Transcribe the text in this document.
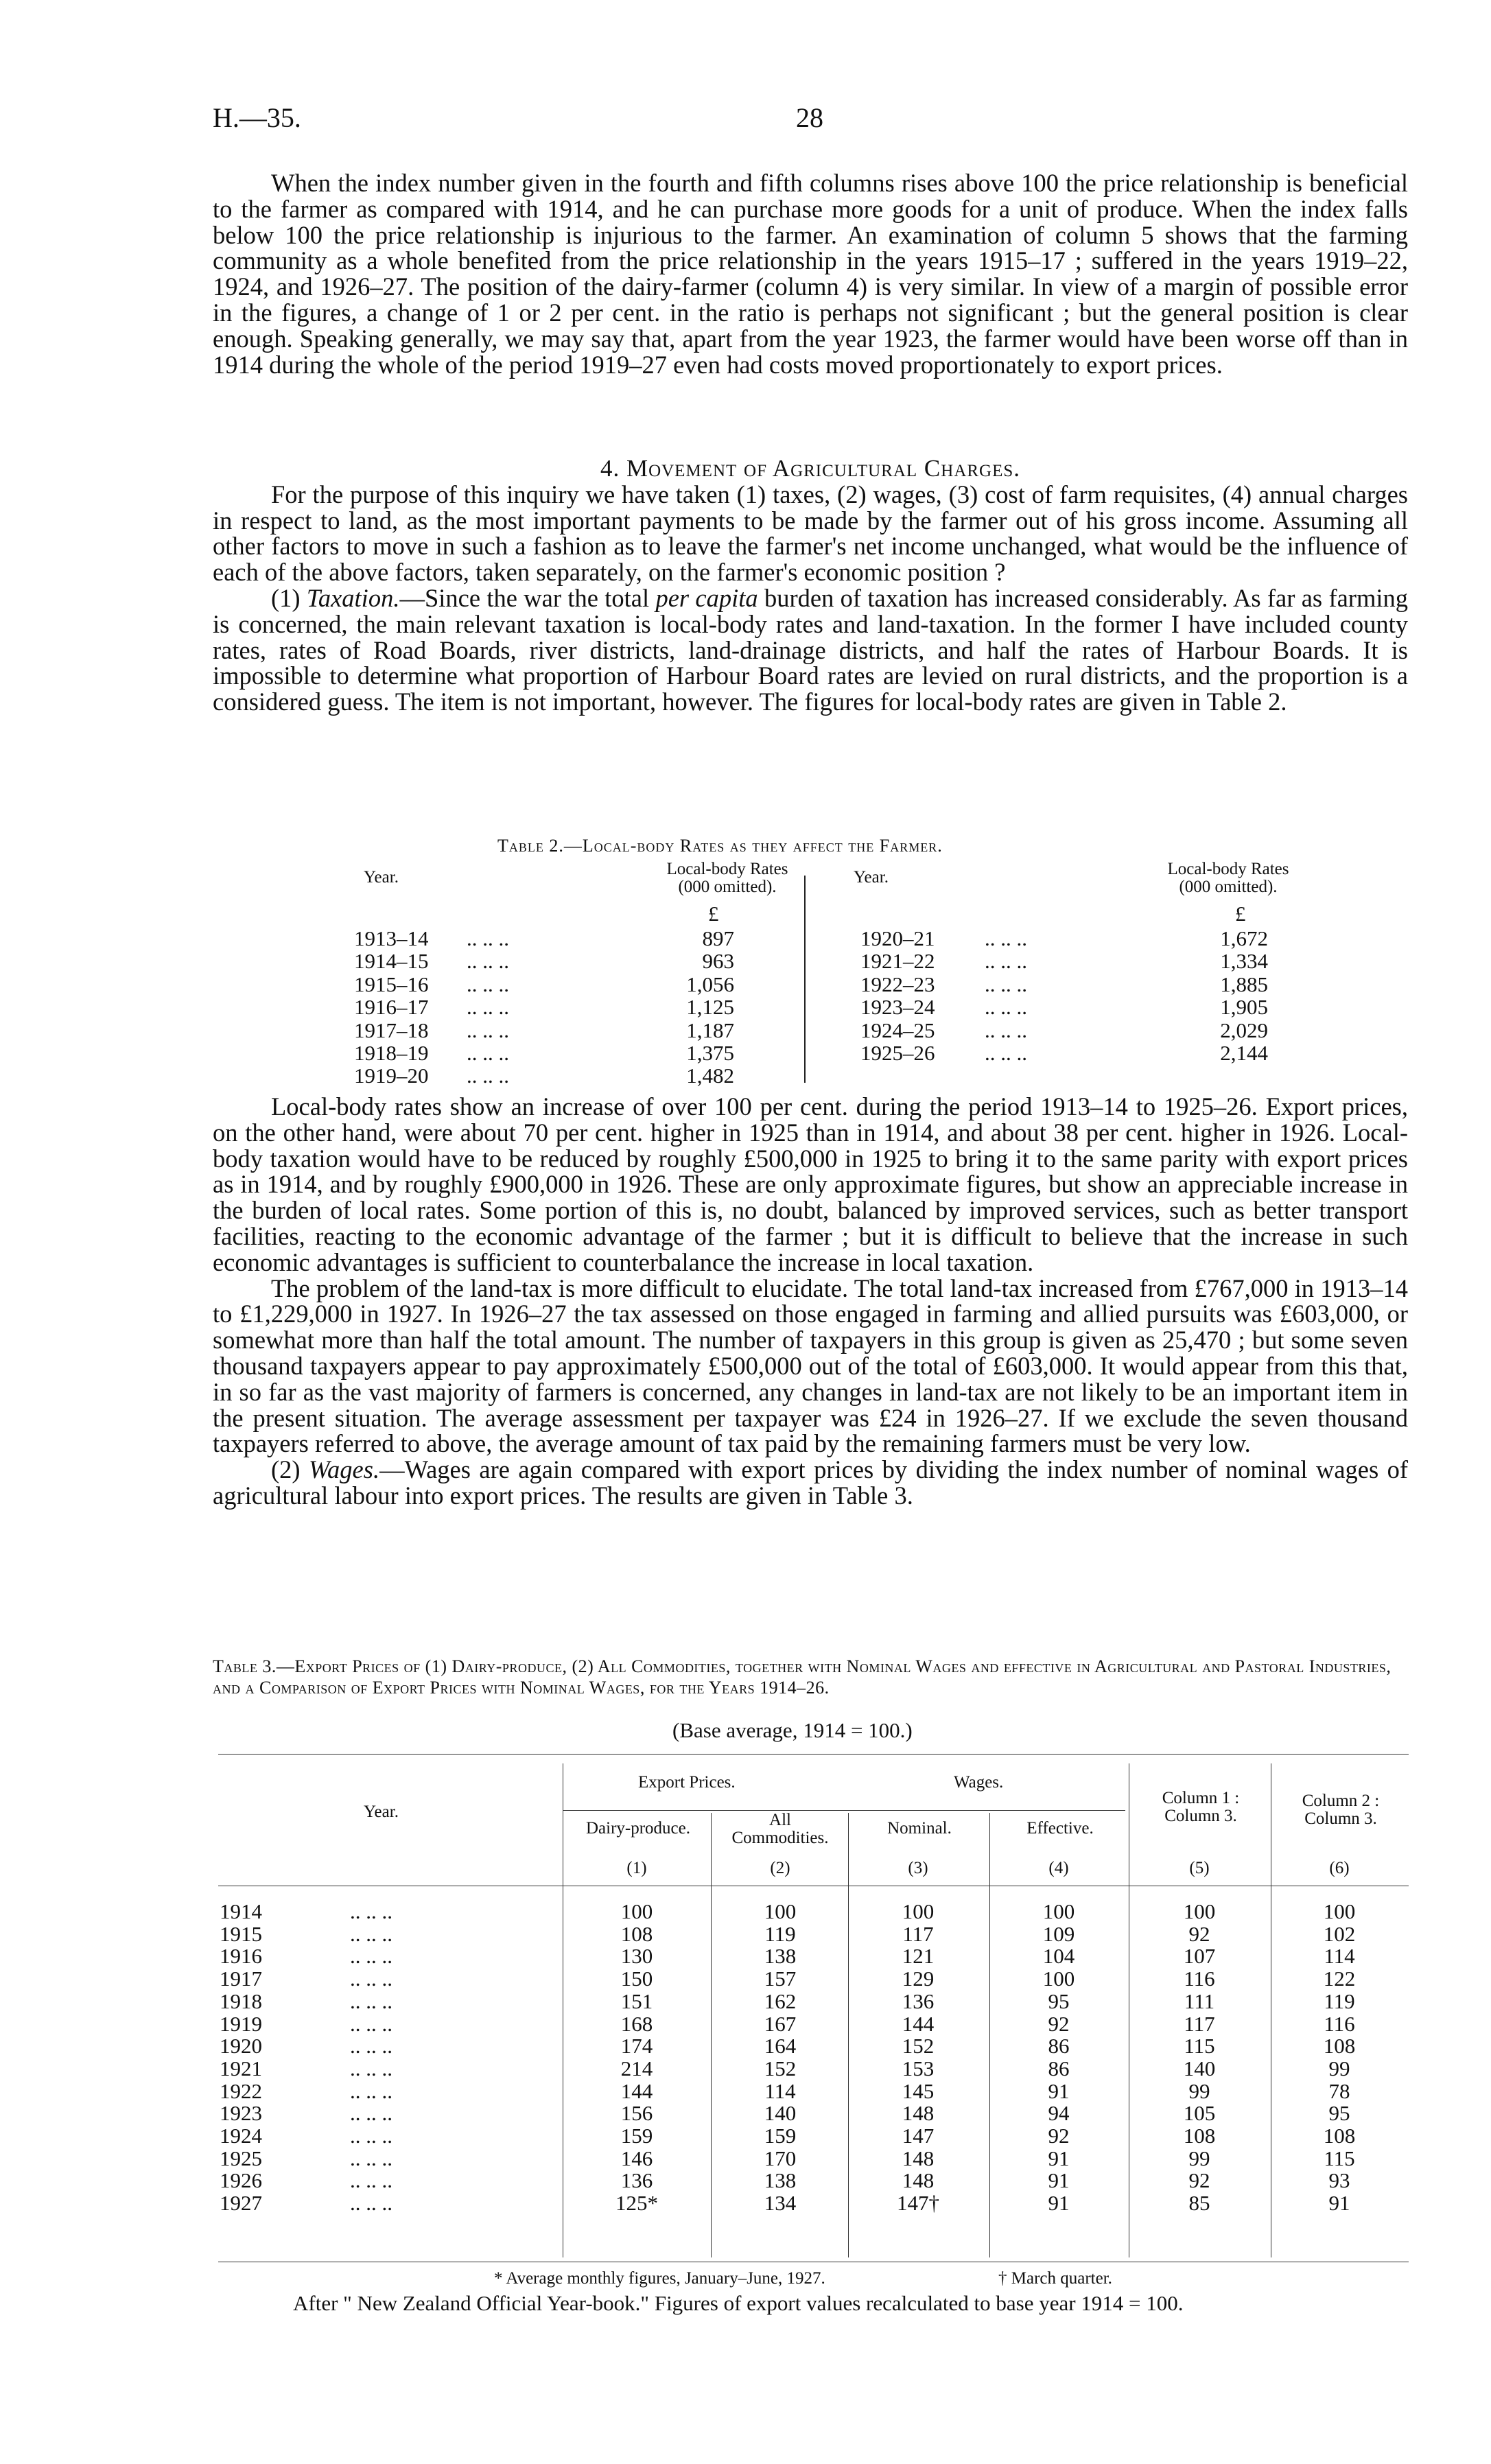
H.—35.	28

When the index number given in the fourth and fifth columns rises above 100 the price relationship is beneficial to the farmer as compared with 1914, and he can purchase more goods for a unit of produce. When the index falls below 100 the price relationship is injurious to the farmer. An examination of column 5 shows that the farming community as a whole benefited from the price relationship in the years 1915–17 ; suffered in the years 1919–22, 1924, and 1926–27. The position of the dairy-farmer (column 4) is very similar. In view of a margin of possible error in the figures, a change of 1 or 2 per cent. in the ratio is perhaps not significant ; but the general position is clear enough. Speaking generally, we may say that, apart from the year 1923, the farmer would have been worse off than in 1914 during the whole of the period 1919–27 even had costs moved proportionately to export prices.

4. Movement of Agricultural Charges.

For the purpose of this inquiry we have taken (1) taxes, (2) wages, (3) cost of farm requisites, (4) annual charges in respect to land, as the most important payments to be made by the farmer out of his gross income. Assuming all other factors to move in such a fashion as to leave the farmer's net income unchanged, what would be the influence of each of the above factors, taken separately, on the farmer's economic position ?

(1) Taxation.—Since the war the total per capita burden of taxation has increased considerably. As far as farming is concerned, the main relevant taxation is local-body rates and land-taxation. In the former I have included county rates, rates of Road Boards, river districts, land-drainage districts, and half the rates of Harbour Boards. It is impossible to determine what proportion of Harbour Board rates are levied on rural districts, and the proportion is a considered guess. The item is not important, however. The figures for local-body rates are given in Table 2.

Table 2.—Local-body Rates as they affect the Farmer.
Year.	Local-body Rates
(000 omitted).
Year.	Local-body Rates
(000 omitted).
£	£
1913–14 .. .. ..	897
1914–15 .. .. ..	963
1915–16 .. .. ..	1,056
1916–17 .. .. ..	1,125
1917–18 .. .. ..	1,187
1918–19 .. .. ..	1,375
1919–20 .. .. ..	1,482
1920–21 .. .. ..	1,672
1921–22 .. .. ..	1,334
1922–23 .. .. ..	1,885
1923–24 .. .. ..	1,905
1924–25 .. .. ..	2,029
1925–26 .. .. ..	2,144

Local-body rates show an increase of over 100 per cent. during the period 1913–14 to 1925–26. Export prices, on the other hand, were about 70 per cent. higher in 1925 than in 1914, and about 38 per cent. higher in 1926. Local-body taxation would have to be reduced by roughly £500,000 in 1925 to bring it to the same parity with export prices as in 1914, and by roughly £900,000 in 1926. These are only approximate figures, but show an appreciable increase in the burden of local rates. Some portion of this is, no doubt, balanced by improved services, such as better transport facilities, reacting to the economic advantage of the farmer ; but it is difficult to believe that the increase in such economic advantages is sufficient to counterbalance the increase in local taxation.

The problem of the land-tax is more difficult to elucidate. The total land-tax increased from £767,000 in 1913–14 to £1,229,000 in 1927. In 1926–27 the tax assessed on those engaged in farming and allied pursuits was £603,000, or somewhat more than half the total amount. The number of taxpayers in this group is given as 25,470 ; but some seven thousand taxpayers appear to pay approximately £500,000 out of the total of £603,000. It would appear from this that, in so far as the vast majority of farmers is concerned, any changes in land-tax are not likely to be an important item in the present situation. The average assessment per taxpayer was £24 in 1926–27. If we exclude the seven thousand taxpayers referred to above, the average amount of tax paid by the remaining farmers must be very low.

(2) Wages.—Wages are again compared with export prices by dividing the index number of nominal wages of agricultural labour into export prices. The results are given in Table 3.

Table 3.—Export Prices of (1) Dairy-produce, (2) All Commodities, together with Nominal Wages and effective in Agricultural and Pastoral Industries, and a Comparison of Export Prices with Nominal Wages, for the Years 1914–26.
(Base average, 1914 = 100.)
Year.
Export Prices.	Wages.
Dairy-produce.	All
Commodities.
Nominal.	Effective.
Column 1 :
Column 3.
Column 2 :
Column 3.
(1)	(2)	(3)	(4)	(5)	(6)
1914	.. .. ..	100	100	100	100	100	100
1915	.. .. ..	108	119	117	109	92	102
1916	.. .. ..	130	138	121	104	107	114
1917	.. .. ..	150	157	129	100	116	122
1918	.. .. ..	151	162	136	95	111	119
1919	.. .. ..	168	167	144	92	117	116
1920	.. .. ..	174	164	152	86	115	108
1921	.. .. ..	214	152	153	86	140	99
1922	.. .. ..	144	114	145	91	99	78
1923	.. .. ..	156	140	148	94	105	95
1924	.. .. ..	159	159	147	92	108	108
1925	.. .. ..	146	170	148	91	99	115
1926	.. .. ..	136	138	148	91	92	93
1927	.. .. ..	125*	134	147†	91	85	91
* Average monthly figures, January–June, 1927.	† March quarter.
After " New Zealand Official Year-book." Figures of export values recalculated to base year 1914 = 100.
